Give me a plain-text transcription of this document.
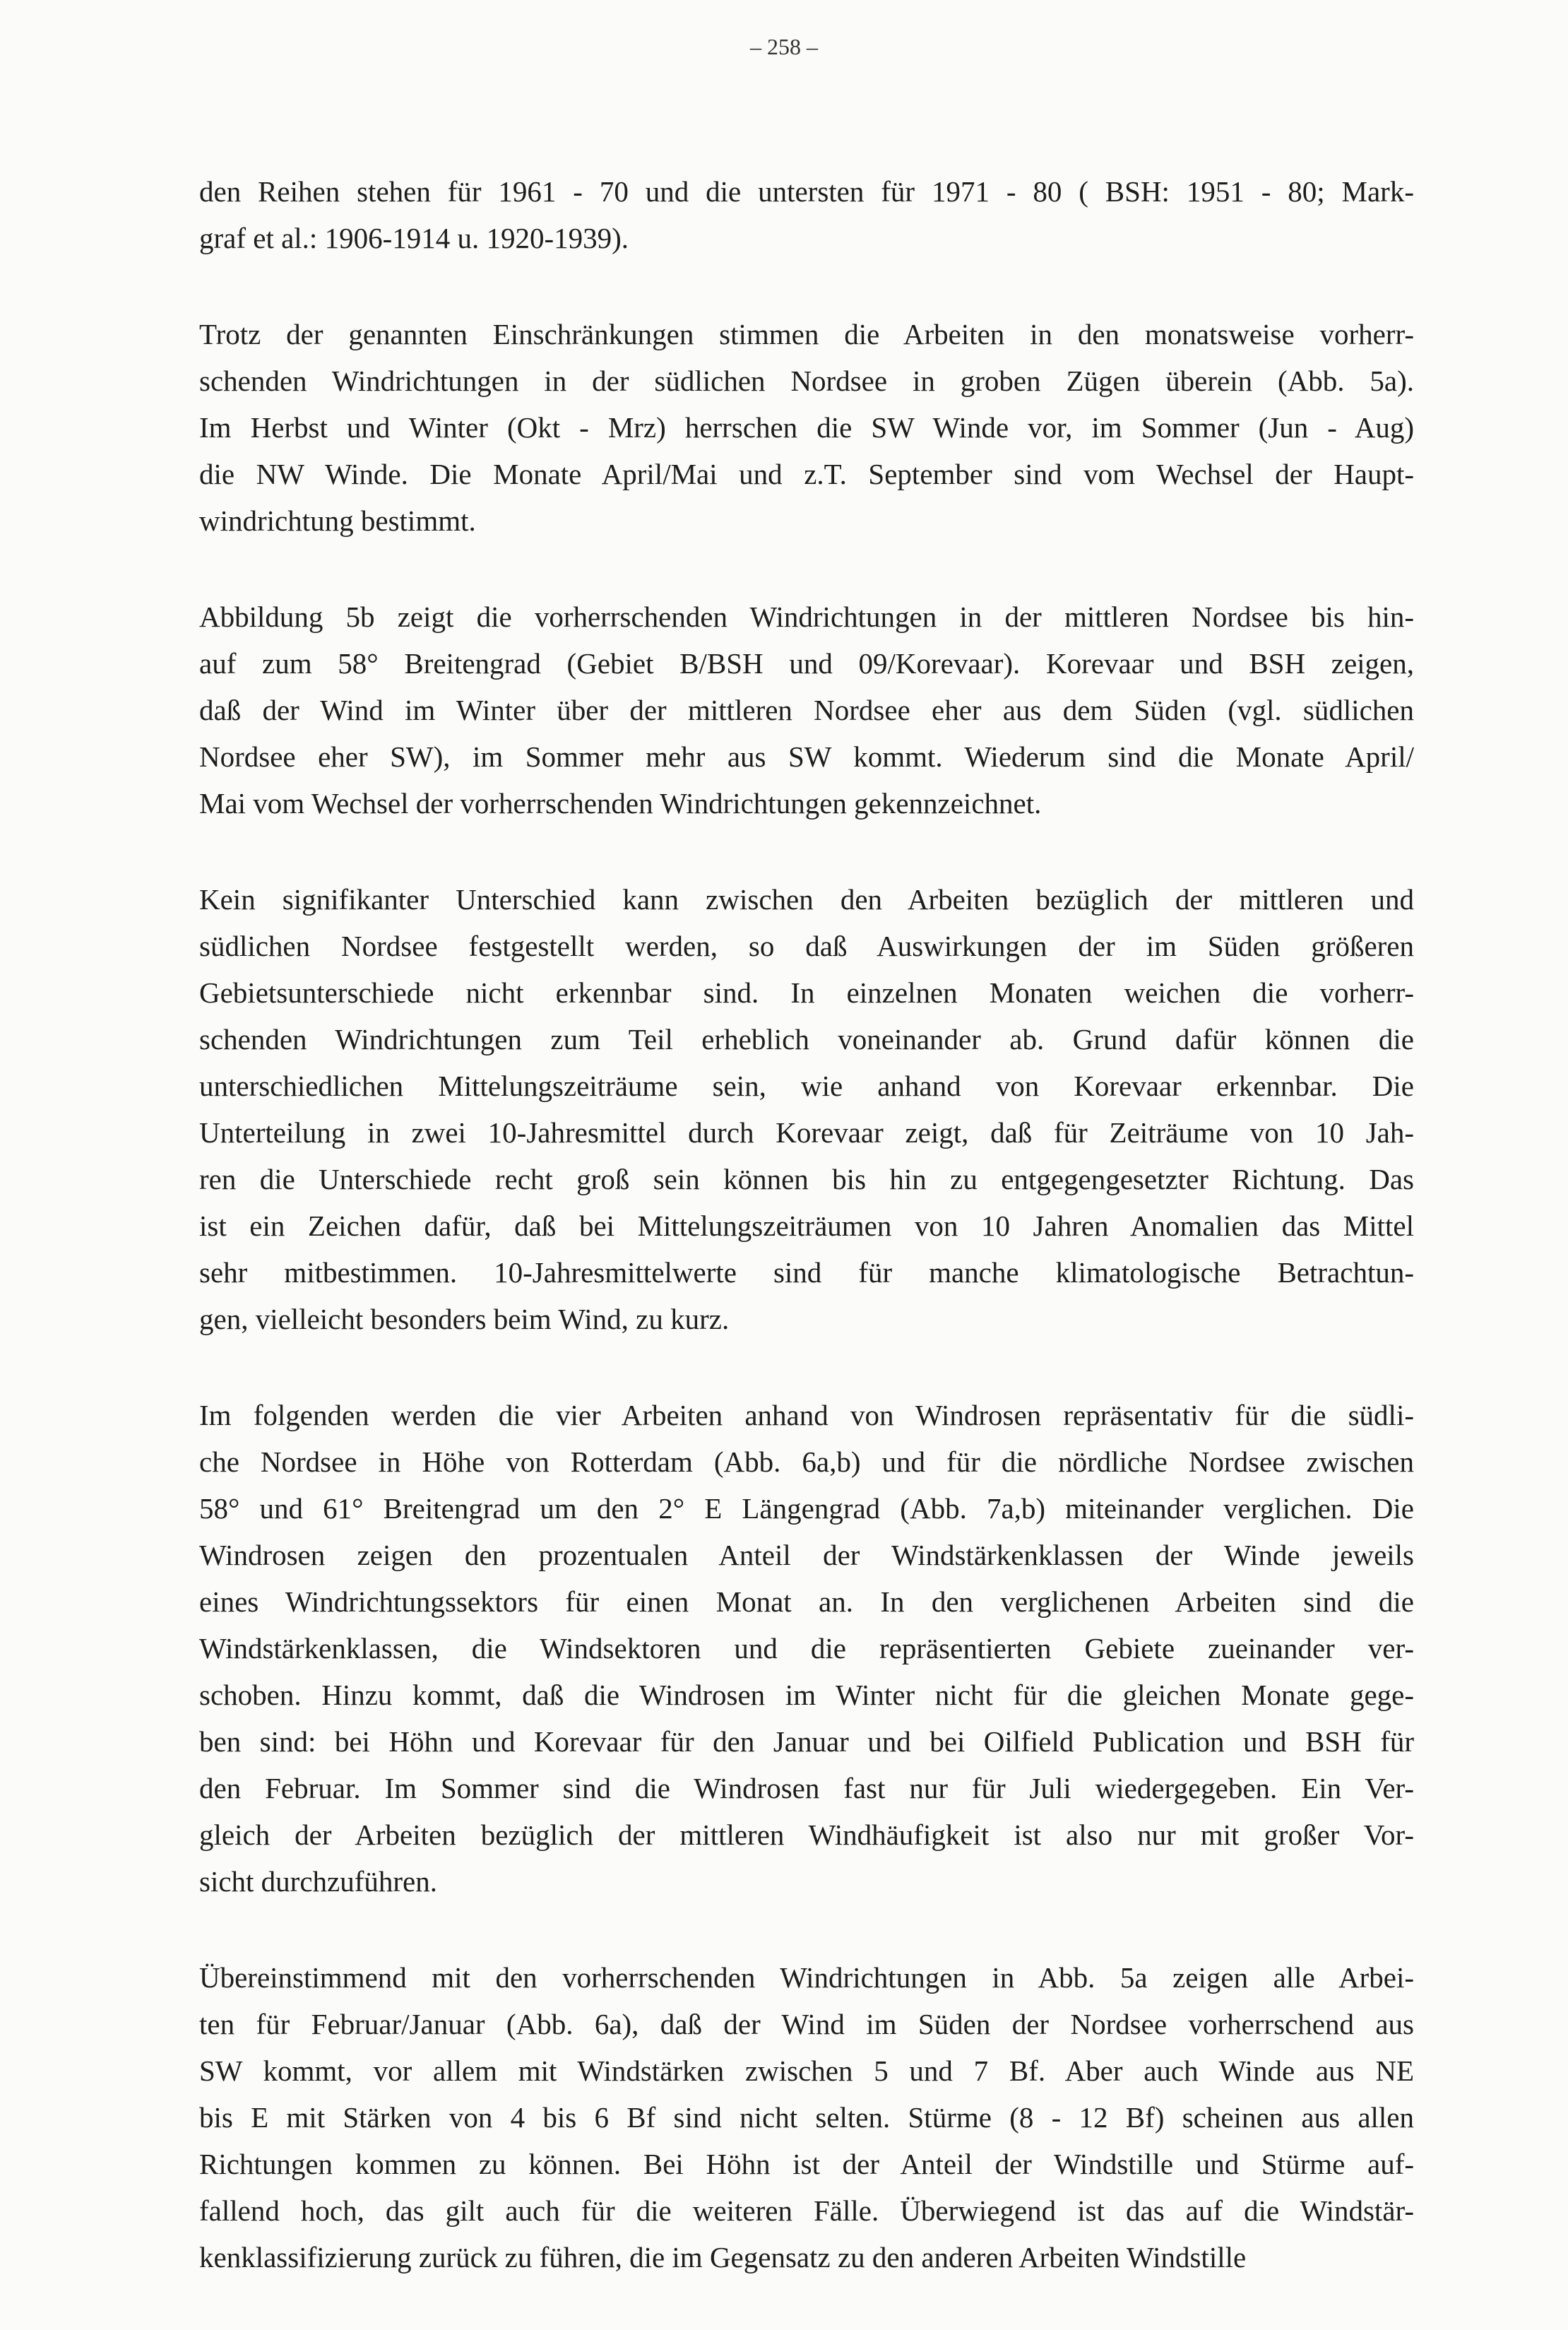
– 258 –

den Reihen stehen für 1961 - 70 und die untersten für 1971 - 80 ( BSH: 1951 - 80; Mark-
graf et al.: 1906-1914 u. 1920-1939).

Trotz der genannten Einschränkungen stimmen die Arbeiten in den monatsweise vorherr-
schenden Windrichtungen in der südlichen Nordsee in groben Zügen überein (Abb. 5a).
Im Herbst und Winter (Okt - Mrz) herrschen die SW Winde vor, im Sommer (Jun - Aug)
die NW Winde. Die Monate April/Mai und z.T. September sind vom Wechsel der Haupt-
windrichtung bestimmt.

Abbildung 5b zeigt die vorherrschenden Windrichtungen in der mittleren Nordsee bis hin-
auf zum 58° Breitengrad (Gebiet B/BSH und 09/Korevaar). Korevaar und BSH zeigen,
daß der Wind im Winter über der mittleren Nordsee eher aus dem Süden (vgl. südlichen
Nordsee eher SW), im Sommer mehr aus SW kommt. Wiederum sind die Monate April/
Mai vom Wechsel der vorherrschenden Windrichtungen gekennzeichnet.

Kein signifikanter Unterschied kann zwischen den Arbeiten bezüglich der mittleren und
südlichen Nordsee festgestellt werden, so daß Auswirkungen der im Süden größeren
Gebietsunterschiede nicht erkennbar sind. In einzelnen Monaten weichen die vorherr-
schenden Windrichtungen zum Teil erheblich voneinander ab. Grund dafür können die
unterschiedlichen Mittelungszeiträume sein, wie anhand von Korevaar erkennbar. Die
Unterteilung in zwei 10-Jahresmittel durch Korevaar zeigt, daß für Zeiträume von 10 Jah-
ren die Unterschiede recht groß sein können bis hin zu entgegengesetzter Richtung. Das
ist ein Zeichen dafür, daß bei Mittelungszeiträumen von 10 Jahren Anomalien das Mittel
sehr mitbestimmen. 10-Jahresmittelwerte sind für manche klimatologische Betrachtun-
gen, vielleicht besonders beim Wind, zu kurz.

Im folgenden werden die vier Arbeiten anhand von Windrosen repräsentativ für die südli-
che Nordsee in Höhe von Rotterdam (Abb. 6a,b) und für die nördliche Nordsee zwischen
58° und 61° Breitengrad um den 2° E Längengrad (Abb. 7a,b) miteinander verglichen. Die
Windrosen zeigen den prozentualen Anteil der Windstärkenklassen der Winde jeweils
eines Windrichtungssektors für einen Monat an. In den verglichenen Arbeiten sind die
Windstärkenklassen, die Windsektoren und die repräsentierten Gebiete zueinander ver-
schoben. Hinzu kommt, daß die Windrosen im Winter nicht für die gleichen Monate gege-
ben sind: bei Höhn und Korevaar für den Januar und bei Oilfield Publication und BSH für
den Februar. Im Sommer sind die Windrosen fast nur für Juli wiedergegeben. Ein Ver-
gleich der Arbeiten bezüglich der mittleren Windhäufigkeit ist also nur mit großer Vor-
sicht durchzuführen.

Übereinstimmend mit den vorherrschenden Windrichtungen in Abb. 5a zeigen alle Arbei-
ten für Februar/Januar (Abb. 6a), daß der Wind im Süden der Nordsee vorherrschend aus
SW kommt, vor allem mit Windstärken zwischen 5 und 7 Bf. Aber auch Winde aus NE
bis E mit Stärken von 4 bis 6 Bf sind nicht selten. Stürme (8 - 12 Bf) scheinen aus allen
Richtungen kommen zu können. Bei Höhn ist der Anteil der Windstille und Stürme auf-
fallend hoch, das gilt auch für die weiteren Fälle. Überwiegend ist das auf die Windstär-
kenklassifizierung zurück zu führen, die im Gegensatz zu den anderen Arbeiten Windstille
